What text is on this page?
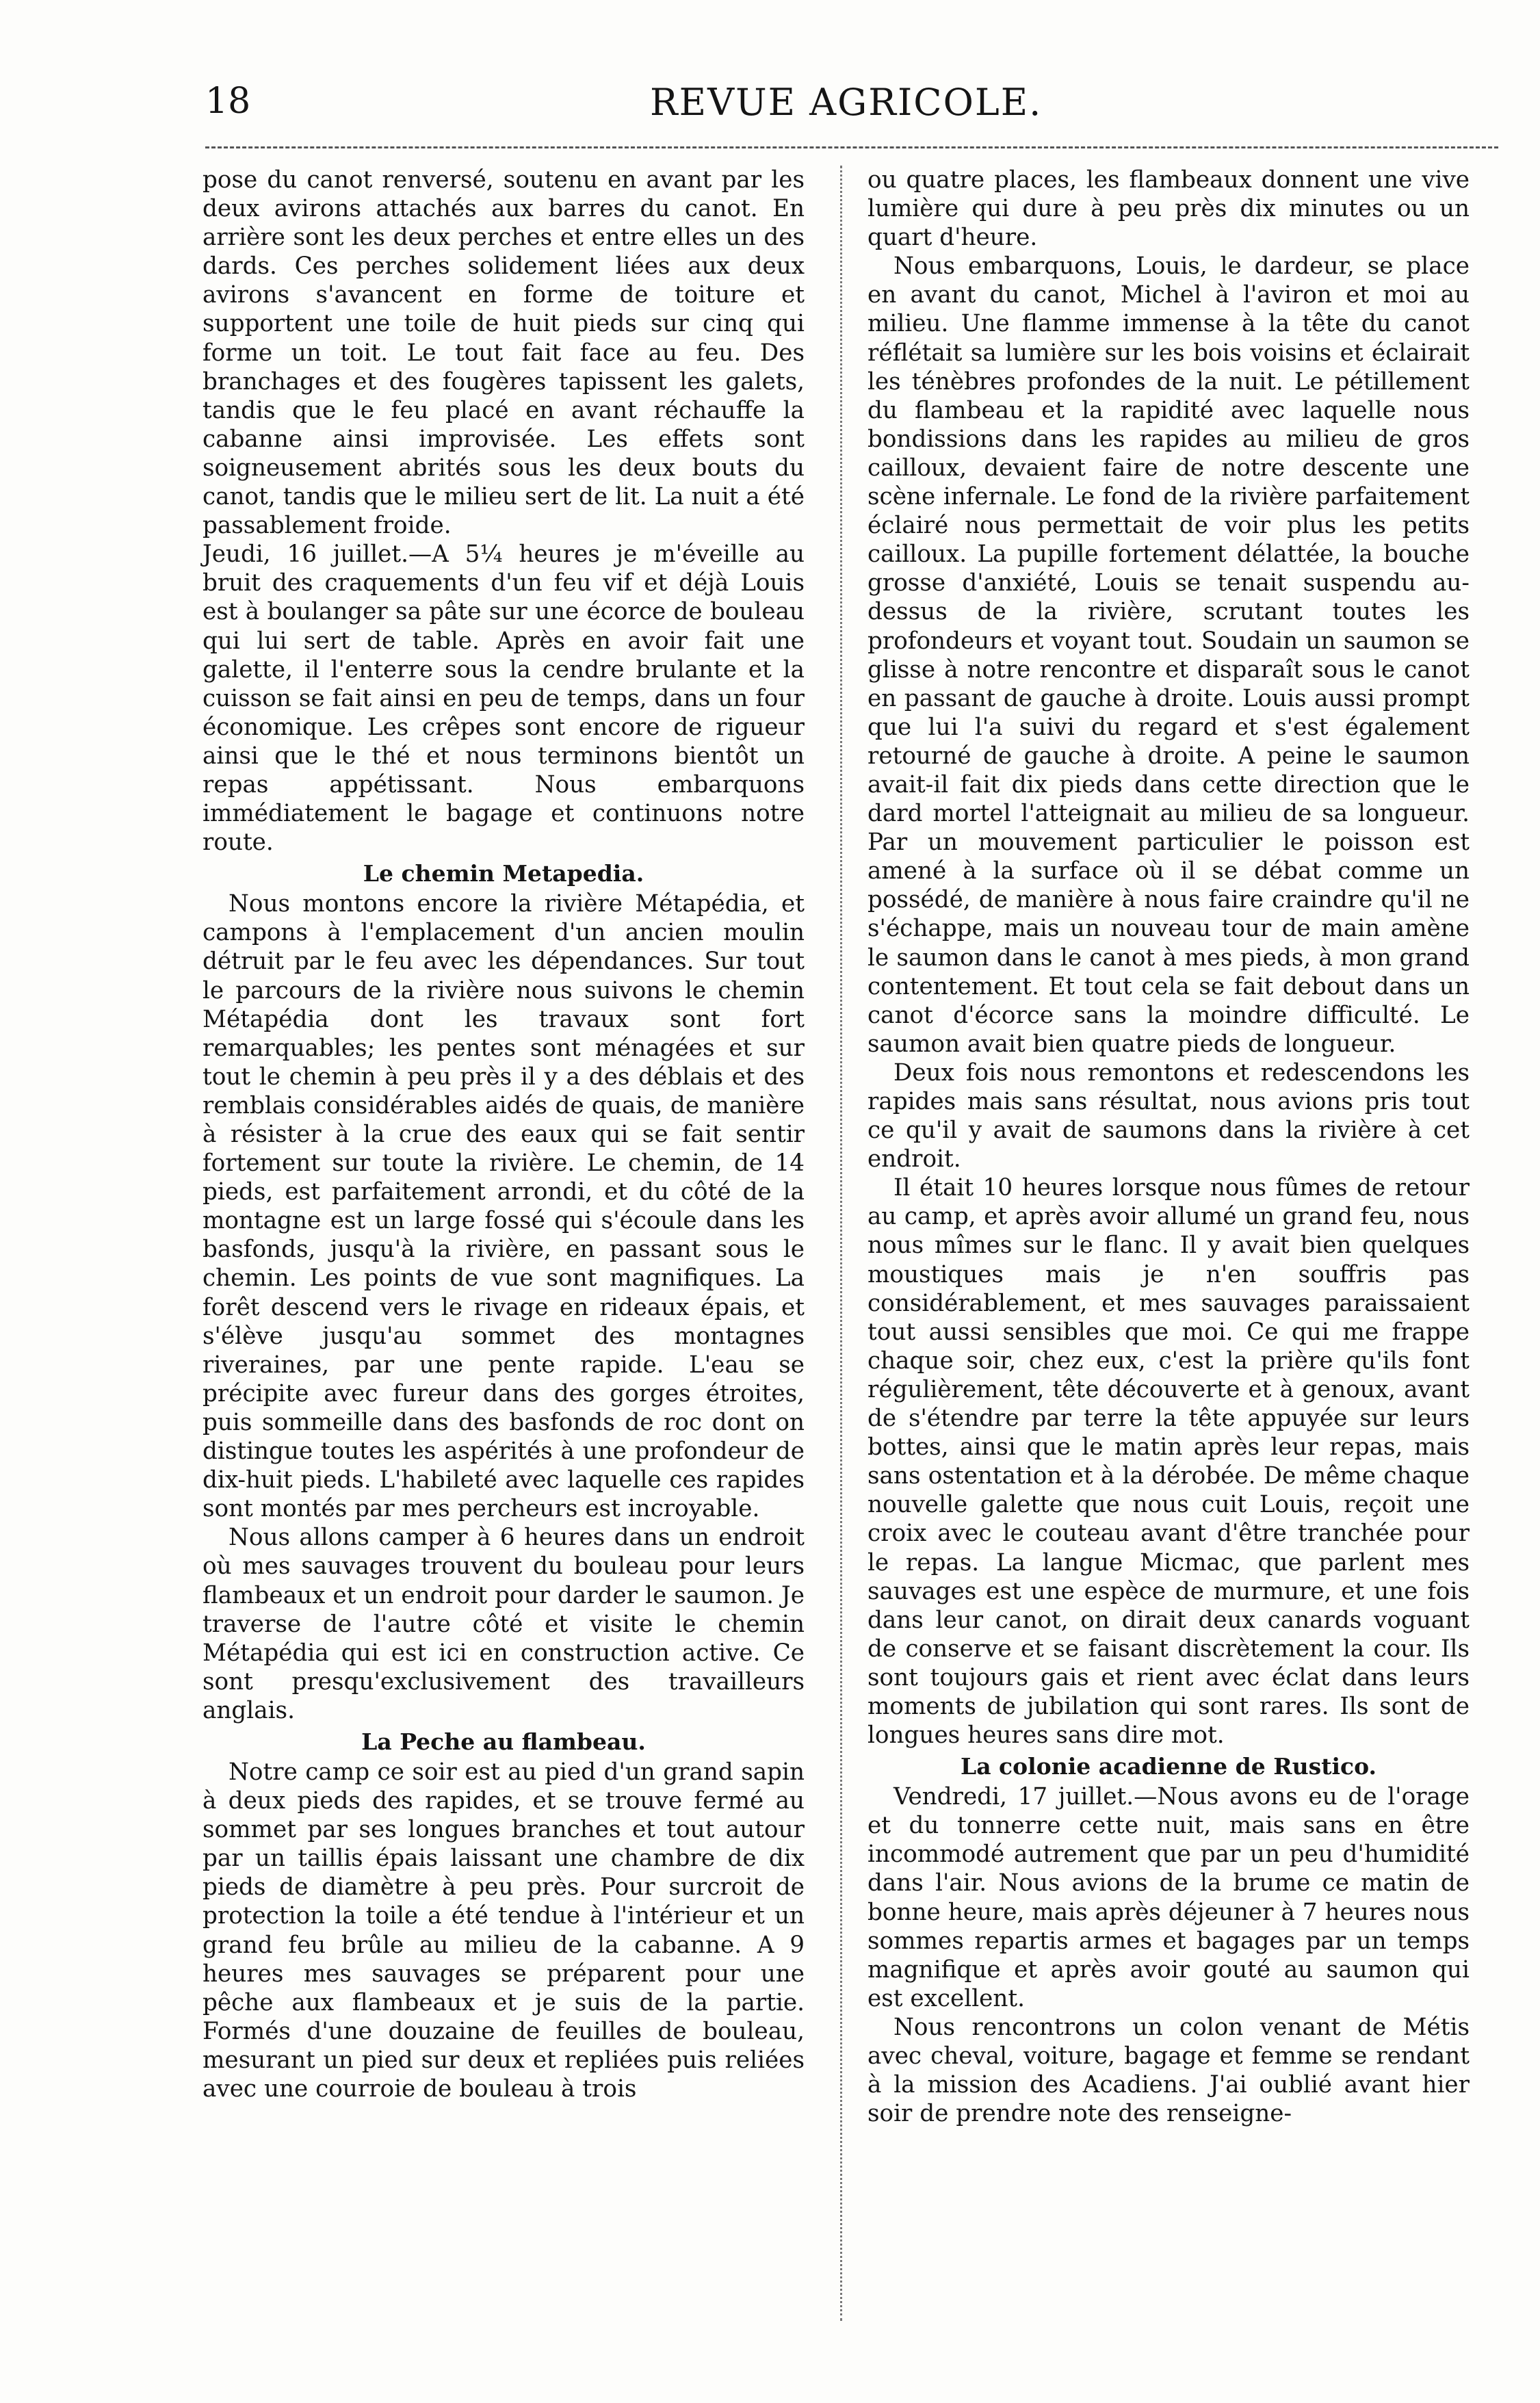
18	REVUE AGRICOLE.

pose du canot renversé, soutenu en avant par les deux avirons attachés aux barres du canot. En arrière sont les deux perches et entre elles un des dards. Ces perches solidement liées aux deux avirons s'avancent en forme de toiture et supportent une toile de huit pieds sur cinq qui forme un toit. Le tout fait face au feu. Des branchages et des fougères tapissent les galets, tandis que le feu placé en avant réchauffe la cabanne ainsi improvisée. Les effets sont soigneusement abrités sous les deux bouts du canot, tandis que le milieu sert de lit. La nuit a été passablement froide.

Jeudi, 16 juillet.—A 5¼ heures je m'éveille au bruit des craquements d'un feu vif et déjà Louis est à boulanger sa pâte sur une écorce de bouleau qui lui sert de table. Après en avoir fait une galette, il l'enterre sous la cendre brulante et la cuisson se fait ainsi en peu de temps, dans un four économique. Les crêpes sont encore de rigueur ainsi que le thé et nous terminons bientôt un repas appétissant. Nous embarquons immédiatement le bagage et continuons notre route.

Le chemin Metapedia.

Nous montons encore la rivière Métapédia, et campons à l'emplacement d'un ancien moulin détruit par le feu avec les dépendances. Sur tout le parcours de la rivière nous suivons le chemin Métapédia dont les travaux sont fort remarquables; les pentes sont ménagées et sur tout le chemin à peu près il y a des déblais et des remblais considérables aidés de quais, de manière à résister à la crue des eaux qui se fait sentir fortement sur toute la rivière. Le chemin, de 14 pieds, est parfaitement arrondi, et du côté de la montagne est un large fossé qui s'écoule dans les basfonds, jusqu'à la rivière, en passant sous le chemin. Les points de vue sont magnifiques. La forêt descend vers le rivage en rideaux épais, et s'élève jusqu'au sommet des montagnes riveraines, par une pente rapide. L'eau se précipite avec fureur dans des gorges étroites, puis sommeille dans des basfonds de roc dont on distingue toutes les aspérités à une profondeur de dix-huit pieds. L'habileté avec laquelle ces rapides sont montés par mes percheurs est incroyable.

Nous allons camper à 6 heures dans un endroit où mes sauvages trouvent du bouleau pour leurs flambeaux et un endroit pour darder le saumon. Je traverse de l'autre côté et visite le chemin Métapédia qui est ici en construction active. Ce sont presqu'exclusivement des travailleurs anglais.

La Peche au flambeau.

Notre camp ce soir est au pied d'un grand sapin à deux pieds des rapides, et se trouve fermé au sommet par ses longues branches et tout autour par un taillis épais laissant une chambre de dix pieds de diamètre à peu près. Pour surcroit de protection la toile a été tendue à l'intérieur et un grand feu brûle au milieu de la cabanne. A 9 heures mes sauvages se préparent pour une pêche aux flambeaux et je suis de la partie. Formés d'une douzaine de feuilles de bouleau, mesurant un pied sur deux et repliées puis reliées avec une courroie de bouleau à trois

ou quatre places, les flambeaux donnent une vive lumière qui dure à peu près dix minutes ou un quart d'heure.

Nous embarquons, Louis, le dardeur, se place en avant du canot, Michel à l'aviron et moi au milieu. Une flamme immense à la tête du canot réflétait sa lumière sur les bois voisins et éclairait les ténèbres profondes de la nuit. Le pétillement du flambeau et la rapidité avec laquelle nous bondissions dans les rapides au milieu de gros cailloux, devaient faire de notre descente une scène infernale. Le fond de la rivière parfaitement éclairé nous permettait de voir plus les petits cailloux. La pupille fortement délattée, la bouche grosse d'anxiété, Louis se tenait suspendu au-dessus de la rivière, scrutant toutes les profondeurs et voyant tout. Soudain un saumon se glisse à notre rencontre et disparaît sous le canot en passant de gauche à droite. Louis aussi prompt que lui l'a suivi du regard et s'est également retourné de gauche à droite. A peine le saumon avait-il fait dix pieds dans cette direction que le dard mortel l'atteignait au milieu de sa longueur. Par un mouvement particulier le poisson est amené à la surface où il se débat comme un possédé, de manière à nous faire craindre qu'il ne s'échappe, mais un nouveau tour de main amène le saumon dans le canot à mes pieds, à mon grand contentement. Et tout cela se fait debout dans un canot d'écorce sans la moindre difficulté. Le saumon avait bien quatre pieds de longueur.

Deux fois nous remontons et redescendons les rapides mais sans résultat, nous avions pris tout ce qu'il y avait de saumons dans la rivière à cet endroit.

Il était 10 heures lorsque nous fûmes de retour au camp, et après avoir allumé un grand feu, nous nous mîmes sur le flanc. Il y avait bien quelques moustiques mais je n'en souffris pas considérablement, et mes sauvages paraissaient tout aussi sensibles que moi. Ce qui me frappe chaque soir, chez eux, c'est la prière qu'ils font régulièrement, tête découverte et à genoux, avant de s'étendre par terre la tête appuyée sur leurs bottes, ainsi que le matin après leur repas, mais sans ostentation et à la dérobée. De même chaque nouvelle galette que nous cuit Louis, reçoit une croix avec le couteau avant d'être tranchée pour le repas. La langue Micmac, que parlent mes sauvages est une espèce de murmure, et une fois dans leur canot, on dirait deux canards voguant de conserve et se faisant discrètement la cour. Ils sont toujours gais et rient avec éclat dans leurs moments de jubilation qui sont rares. Ils sont de longues heures sans dire mot.

La colonie acadienne de Rustico.

Vendredi, 17 juillet.—Nous avons eu de l'orage et du tonnerre cette nuit, mais sans en être incommodé autrement que par un peu d'humidité dans l'air. Nous avions de la brume ce matin de bonne heure, mais après déjeuner à 7 heures nous sommes repartis armes et bagages par un temps magnifique et après avoir gouté au saumon qui est excellent.

Nous rencontrons un colon venant de Métis avec cheval, voiture, bagage et femme se rendant à la mission des Acadiens. J'ai oublié avant hier soir de prendre note des renseigne-
